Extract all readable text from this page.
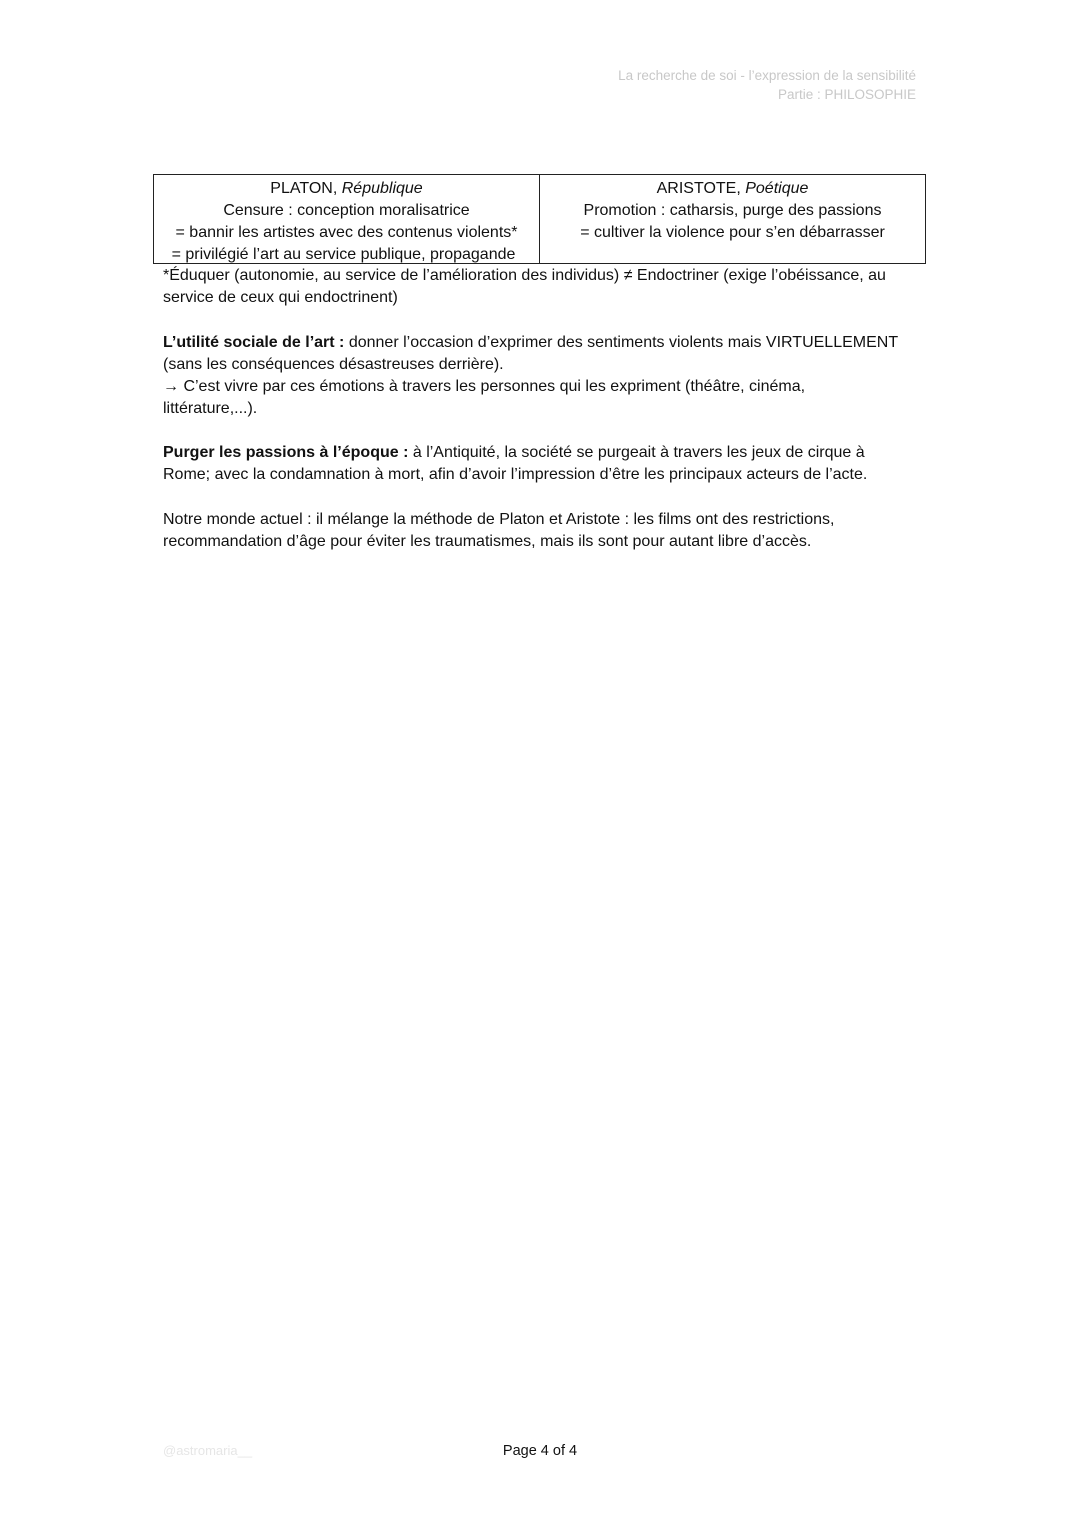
La recherche de soi - l’expression de la sensibilité
Partie : PHILOSOPHIE
PLATON, République
Censure : conception moralisatrice
= bannir les artistes avec des contenus violents*
= privilégié l’art au service publique, propagande
ARISTOTE, Poétique
Promotion : catharsis, purge des passions
= cultiver la violence pour s’en débarrasser

*Éduquer (autonomie, au service de l’amélioration des individus) ≠ Endoctriner (exige l’obéissance, au

service de ceux qui endoctrinent)

L’utilité sociale de l’art : donner l’occasion d’exprimer des sentiments violents mais VIRTUELLEMENT

(sans les conséquences désastreuses derrière).

→ C’est vivre par ces émotions à travers les personnes qui les expriment (théâtre, cinéma,

littérature,...).

Purger les passions à l’époque : à l’Antiquité, la société se purgeait à travers les jeux de cirque à

Rome; avec la condamnation à mort, afin d’avoir l’impression d’être les principaux acteurs de l’acte.

Notre monde actuel : il mélange la méthode de Platon et Aristote : les films ont des restrictions,

recommandation d’âge pour éviter les traumatismes, mais ils sont pour autant libre d’accès.

@astromaria__	Page 4 of 4
